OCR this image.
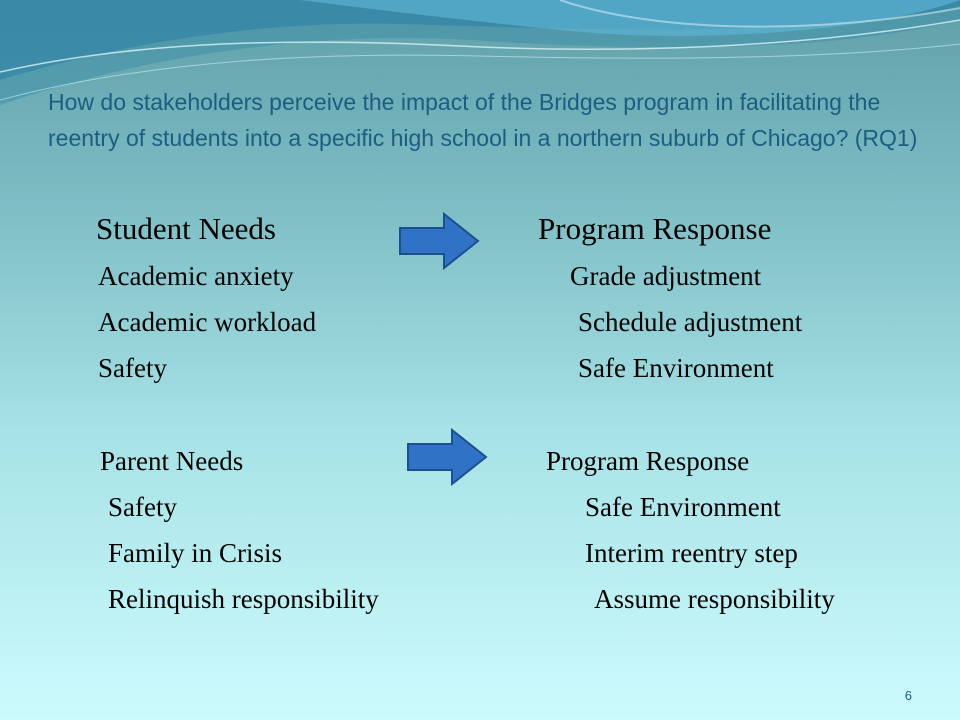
How do stakeholders perceive the impact of the Bridges program in facilitating the reentry of students into a specific high school in a northern suburb of Chicago? (RQ1)

Student Needs	Program Response
Academic anxiety	Grade adjustment
Academic workload	Schedule adjustment
Safety	Safe Environment
Parent Needs	Program Response
Safety	Safe Environment
Family in Crisis	Interim reentry step
Relinquish responsibility	Assume responsibility
6
